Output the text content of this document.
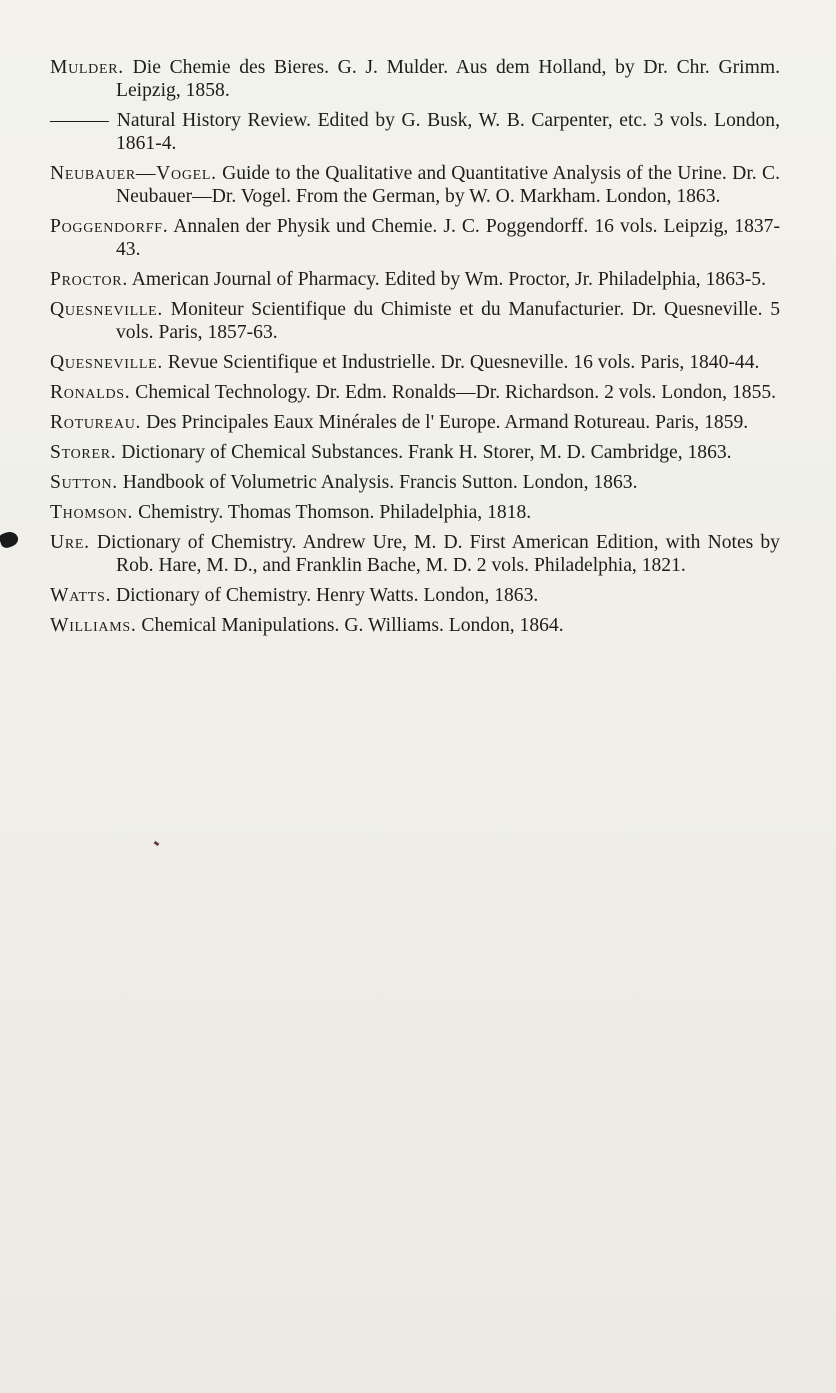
Mulder. Die Chemie des Bieres. G. J. Mulder. Aus dem Holland, by Dr. Chr. Grimm. Leipzig, 1858.

——— Natural History Review. Edited by G. Busk, W. B. Carpenter, etc. 3 vols. London, 1861-4.

Neubauer—Vogel. Guide to the Qualitative and Quantitative Analysis of the Urine. Dr. C. Neubauer—Dr. Vogel. From the German, by W. O. Markham. London, 1863.

Poggendorff. Annalen der Physik und Chemie. J. C. Poggendorff. 16 vols. Leipzig, 1837-43.

Proctor. American Journal of Pharmacy. Edited by Wm. Proctor, Jr. Philadelphia, 1863-5.

Quesneville. Moniteur Scientifique du Chimiste et du Manufacturier. Dr. Quesneville. 5 vols. Paris, 1857-63.

Quesneville. Revue Scientifique et Industrielle. Dr. Quesneville. 16 vols. Paris, 1840-44.

Ronalds. Chemical Technology. Dr. Edm. Ronalds—Dr. Richardson. 2 vols. London, 1855.

Rotureau. Des Principales Eaux Minérales de l' Europe. Armand Rotureau. Paris, 1859.

Storer. Dictionary of Chemical Substances. Frank H. Storer, M. D. Cambridge, 1863.

Sutton. Handbook of Volumetric Analysis. Francis Sutton. London, 1863.

Thomson. Chemistry. Thomas Thomson. Philadelphia, 1818.

Ure. Dictionary of Chemistry. Andrew Ure, M. D. First American Edition, with Notes by Rob. Hare, M. D., and Franklin Bache, M. D. 2 vols. Philadelphia, 1821.

Watts. Dictionary of Chemistry. Henry Watts. London, 1863.

Williams. Chemical Manipulations. G. Williams. London, 1864.
